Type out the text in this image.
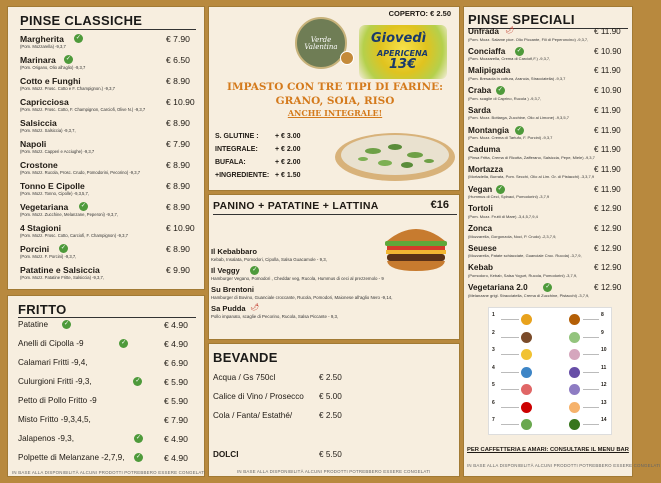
PINSE CLASSICHE
Margherita	✓
(Pom. Mozzarella) -9,3,7
€ 7.90
Marinara	✓
(Pom. Origano, Olio all'aglio) -9,3,7
€ 6.50
Cotto e Funghi
(Pom. Mozz. Prosc. Cotto e F. Champignon.) -9,3,7
€ 8.90
Capricciosa
(Pom. Mozz. Prosc. Cotto, F. Champignon, Carciofi, Olive N.) -9,3,7
€ 10.90
Salsiccia
(Pom. Mozz. Salsiccia) -9,3,7,
€ 8.90
Napoli
(Pom. Mozz. Capperi e Acciughe) -9,3,7
€ 7.90
Crostone
(Pom. Mozz. Rucola, Prosc. Crudo, Pomodorini, Pecorino) -9,3,7
€ 8.90
Tonno E Cipolle
(Pom. Mozz. Tonno, Cipolle) -9,3,5,7,
€ 8.90
Vegetariana	✓
(Pom. Mozz. Zucchine, Melanzane, Peperoni) -9,3,7,
€ 8.90
4 Stagioni
(Pom. Mozz. Prosc. Cotto, Carciofi, F. Champignon) -9,3,7
€ 10.90
Porcini	✓
(Pom. Mozz. F. Porcini) -9,3,7,
€ 8.90
Patatine e Salsiccia
(Pom. Mozz. Patatine Fritte, Salsiccia) -9,3,7,
€ 9.90
FRITTO
Patatine	✓	€ 4.90
Anelli di Cipolla -9	✓	€ 4.90
Calamari Fritti -9,4,	€ 6.90
Culurgioni Fritti -9,3,	✓	€ 5.90
Petto di Pollo Fritto -9	€ 5.90
Misto Fritto -9,3,4,5,	€ 7.90
Jalapenos -9,3,	✓	€ 4.90
Polpette di Melanzane -2,7,9,	✓	€ 4.90
IN BASE ALLA DISPONIBILITÀ ALCUNI PRODOTTI POTREBBERO ESSERE CONGELATI
COPERTO: € 2.50
Verde Valentina
Giovedì
APERICENA
13€
IMPASTO CON TRE TIPI DI FARINE:
GRANO, SOIA, RISO
ANCHE INTEGRALE!
S. GLUTINE : + € 3.00
INTEGRALE: + € 2.00
BUFALA:	+ € 2.00
+INGREDIENTE: + € 1.50
PANINO + PATATINE + LATTINA	€16
Il Kebabbaro
Kebab, Insalata, Pomodori, Cipolla, Salsa Guacamole - 9,3,
Il Veggy	✓
Hamburger Vegano, Pomodori , Cheddar veg, Rucola, Hummus di ceci al prezzemolo - 9
Su Brentoni
Hamburger di Bovino, Guanciale croccante, Rucola, Pomodori, Maionese all'aglio Nero -9,14,
Sa Pudda 🌶
Pollo impanato, scaglie di Pecorino, Rucola, Salsa Piccante - 9,3,
BEVANDE
Acqua / Gs 750cl	€ 2.50
Calice di Vino / Prosecco € 5.00
Cola / Fanta/ Estathé/	€ 2.50
DOLCI	€ 5.50
IN BASE ALLA DISPONIBILITÀ ALCUNI PRODOTTI POTREBBERO ESSERE CONGELATI
PINSE SPECIALI
Unfrada 🌶
(Pom. Mozz. Salame pice. Olio Piccante, Fili di Peperoncino) -9,3,7,
€ 11.90
Conciaffa	✓
(Pom. Mozzarella, Crema di Carciofi,F.) -9,3,7,
€ 10.90
Malipigada
(Pom. Bresaola in cottura, Arancia, Stracciatella) -9,3,7
€ 11.90
Craba	✓
(Pom. scaglie di Caprino, Rucola ) -9,3,7,
€ 10.90
Sarda
(Pom. Mozz. Bottarga, Zucchine, Olio al Limone) -9,3,5,7
€ 11.90
Montangia	✓
(Pom. Mozz. Crema di Tartufo, F. Porcini) -9,3,7
€ 11.90
Caduma
(Pinsa Fritta, Crema di Ricotta, Zafferano, Salsiccia, Pepe, Miele) -9,3,7
€ 11.90
Mortazza
(Mortadella, Burrata, Pom. Secchi, Olio al Lim. Gr. di Pistacchi) -3,3,7,9
€ 11.90
Vegan ✓
(Hummus di Ceci, Spinaci, Pomodorini) -3,7,9
€ 11.90
Tortoli
(Pom. Mozz. Frutti di Mare) -3,4,5,7,9,4
€ 12.90
Zonca
(Mozzarella, Gorgonzola, Noci, P. Crudo) -2,3,7,9,
€ 12.90
Seuese
(Mozzarella, Patate schiacciate, Guanciale Croc. Rucola) -3,7,9,
€ 12.90
Kebab
(Pomodoro, Kebab, Salsa Yogurt, Rucola, Pomodorini) -3,7,9,
€ 12.90
Vegetariana 2.0	✓
(Melanzane grigl. Stracciatella, Crema di Zucchine, Pistacchi) -3,7,9,
€ 12.90
1	8
2	9
3	10
4	11
5	12
6	13
7	14
PER CAFFETTERIA E AMARI: CONSULTARE IL MENU BAR
IN BASE ALLA DISPONIBILITÀ ALCUNI PRODOTTI POTREBBERO ESSERE CONGELATI
